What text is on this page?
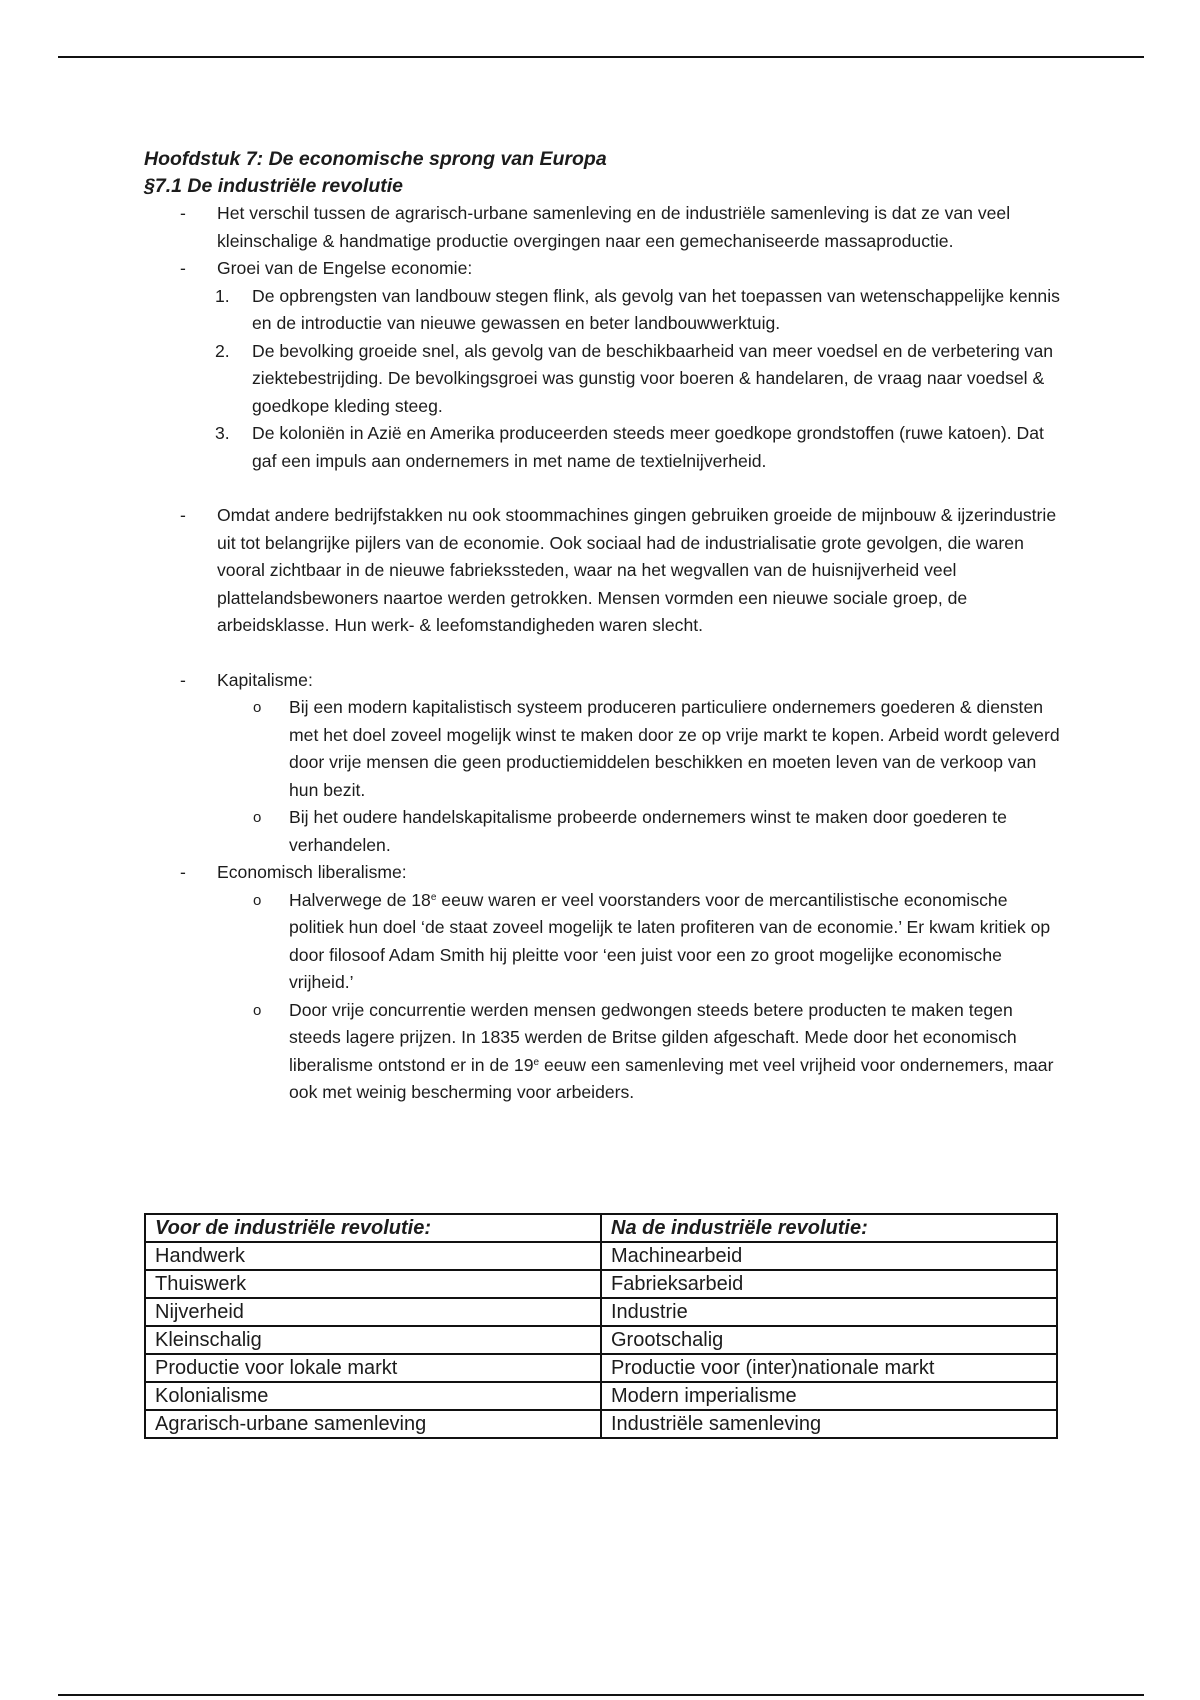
Hoofdstuk 7: De economische sprong van Europa
§7.1 De industriële revolutie
- Het verschil tussen de agrarisch-urbane samenleving en de industriële samenleving is dat ze van veel kleinschalige & handmatige productie overgingen naar een gemechaniseerde massaproductie.
- Groei van de Engelse economie:
1. De opbrengsten van landbouw stegen flink, als gevolg van het toepassen van wetenschappelijke kennis en de introductie van nieuwe gewassen en beter landbouwwerktuig.
2. De bevolking groeide snel, als gevolg van de beschikbaarheid van meer voedsel en de verbetering van ziektebestrijding. De bevolkingsgroei was gunstig voor boeren & handelaren, de vraag naar voedsel & goedkope kleding steeg.
3. De koloniën in Azië en Amerika produceerden steeds meer goedkope grondstoffen (ruwe katoen). Dat gaf een impuls aan ondernemers in met name de textielnijverheid.
- Omdat andere bedrijfstakken nu ook stoommachines gingen gebruiken groeide de mijnbouw & ijzerindustrie uit tot belangrijke pijlers van de economie. Ook sociaal had de industrialisatie grote gevolgen, die waren vooral zichtbaar in de nieuwe fabriekssteden, waar na het wegvallen van de huisnijverheid veel plattelandsbewoners naartoe werden getrokken. Mensen vormden een nieuwe sociale groep, de arbeidsklasse. Hun werk- & leefomstandigheden waren slecht.
- Kapitalisme:
o Bij een modern kapitalistisch systeem produceren particuliere ondernemers goederen & diensten met het doel zoveel mogelijk winst te maken door ze op vrije markt te kopen. Arbeid wordt geleverd door vrije mensen die geen productiemiddelen beschikken en moeten leven van de verkoop van hun bezit.
o Bij het oudere handelskapitalisme probeerde ondernemers winst te maken door goederen te verhandelen.
- Economisch liberalisme:
o Halverwege de 18e eeuw waren er veel voorstanders voor de mercantilistische economische politiek hun doel ‘de staat zoveel mogelijk te laten profiteren van de economie.’ Er kwam kritiek op door filosoof Adam Smith hij pleitte voor ‘een juist voor een zo groot mogelijke economische vrijheid.’
o Door vrije concurrentie werden mensen gedwongen steeds betere producten te maken tegen steeds lagere prijzen. In 1835 werden de Britse gilden afgeschaft. Mede door het economisch liberalisme ontstond er in de 19e eeuw een samenleving met veel vrijheid voor ondernemers, maar ook met weinig bescherming voor arbeiders.
Voor de industriële revolutie:	Na de industriële revolutie:
Handwerk	Machinearbeid
Thuiswerk	Fabrieksarbeid
Nijverheid	Industrie
Kleinschalig	Grootschalig
Productie voor lokale markt	Productie voor (inter)nationale markt
Kolonialisme	Modern imperialisme
Agrarisch-urbane samenleving	Industriële samenleving
